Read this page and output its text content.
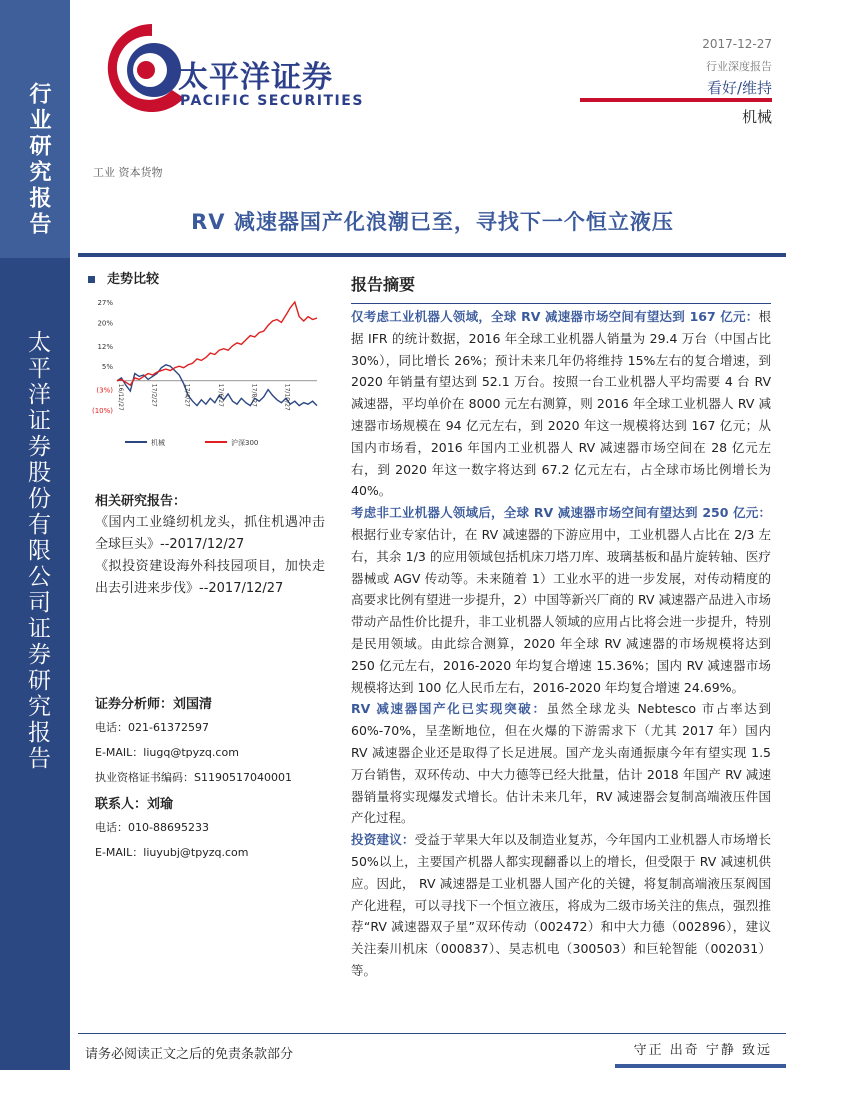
行业研究报告
太平洋证券股份有限公司证券研究报告
太平洋证券
PACIFIC SECURITIES
2017-12-27
行业深度报告
看好/维持
机械
工业 资本货物
RV 减速器国产化浪潮已至，寻找下一个恒立液压
走势比较
27%
20%
12%
5%
(3%)
(10%)
16/12/27	17/2/27	17/4/27	17/6/27	17/8/27	17/10/27
机械	沪深300
相关研究报告：
《国内工业缝纫机龙头，抓住机遇冲击全球巨头》--2017/12/27
《拟投资建设海外科技园项目，加快走出去引进来步伐》--2017/12/27
证券分析师：刘国清
电话：021-61372597
E-MAIL：liugq@tpyzq.com
执业资格证书编码：S1190517040001
联系人：刘瑜
电话：010-88695233
E-MAIL：liuyubj@tpyzq.com
报告摘要

仅考虑工业机器人领域，全球 RV 减速器市场空间有望达到 167 亿元：根据 IFR 的统计数据，2016 年全球工业机器人销量为 29.4 万台（中国占比 30%），同比增长 26%；预计未来几年仍将维持 15%左右的复合增速，到 2020 年销量有望达到 52.1 万台。按照一台工业机器人平均需要 4 台 RV 减速器，平均单价在 8000 元左右测算，则 2016 年全球工业机器人 RV 减速器市场规模在 94 亿元左右，到 2020 年这一规模将达到 167 亿元；从国内市场看，2016 年国内工业机器人 RV 减速器市场空间在 28 亿元左右，到 2020 年这一数字将达到 67.2 亿元左右，占全球市场比例增长为 40%。

考虑非工业机器人领域后，全球 RV 减速器市场空间有望达到 250 亿元：根据行业专家估计，在 RV 减速器的下游应用中，工业机器人占比在 2/3 左右，其余 1/3 的应用领域包括机床刀塔刀库、玻璃基板和晶片旋转轴、医疗器械或 AGV 传动等。未来随着 1）工业水平的进一步发展，对传动精度的高要求比例有望进一步提升，2）中国等新兴厂商的 RV 减速器产品进入市场带动产品性价比提升，非工业机器人领域的应用占比将会进一步提升，特别是民用领域。由此综合测算，2020 年全球 RV 减速器的市场规模将达到 250 亿元左右，2016-2020 年均复合增速 15.36%；国内 RV 减速器市场规模将达到 100 亿人民币左右，2016-2020 年均复合增速 24.69%。

RV 减速器国产化已实现突破：虽然全球龙头 Nebtesco 市占率达到 60%-70%，呈垄断地位，但在火爆的下游需求下（尤其 2017 年）国内 RV 减速器企业还是取得了长足进展。国产龙头南通振康今年有望实现 1.5 万台销售，双环传动、中大力德等已经大批量，估计 2018 年国产 RV 减速器销量将实现爆发式增长。估计未来几年，RV 减速器会复制高端液压件国产化过程。

投资建议：受益于苹果大年以及制造业复苏，今年国内工业机器人市场增长 50%以上，主要国产机器人都实现翻番以上的增长，但受限于 RV 减速机供应。因此， RV 减速器是工业机器人国产化的关键，将复制高端液压泵阀国产化进程，可以寻找下一个恒立液压，将成为二级市场关注的焦点，强烈推荐“RV 减速器双子星”双环传动（002472）和中大力德（002896），建议关注秦川机床（000837）、昊志机电（300503）和巨轮智能（002031）等。

请务必阅读正文之后的免责条款部分	守正 出奇 宁静 致远
